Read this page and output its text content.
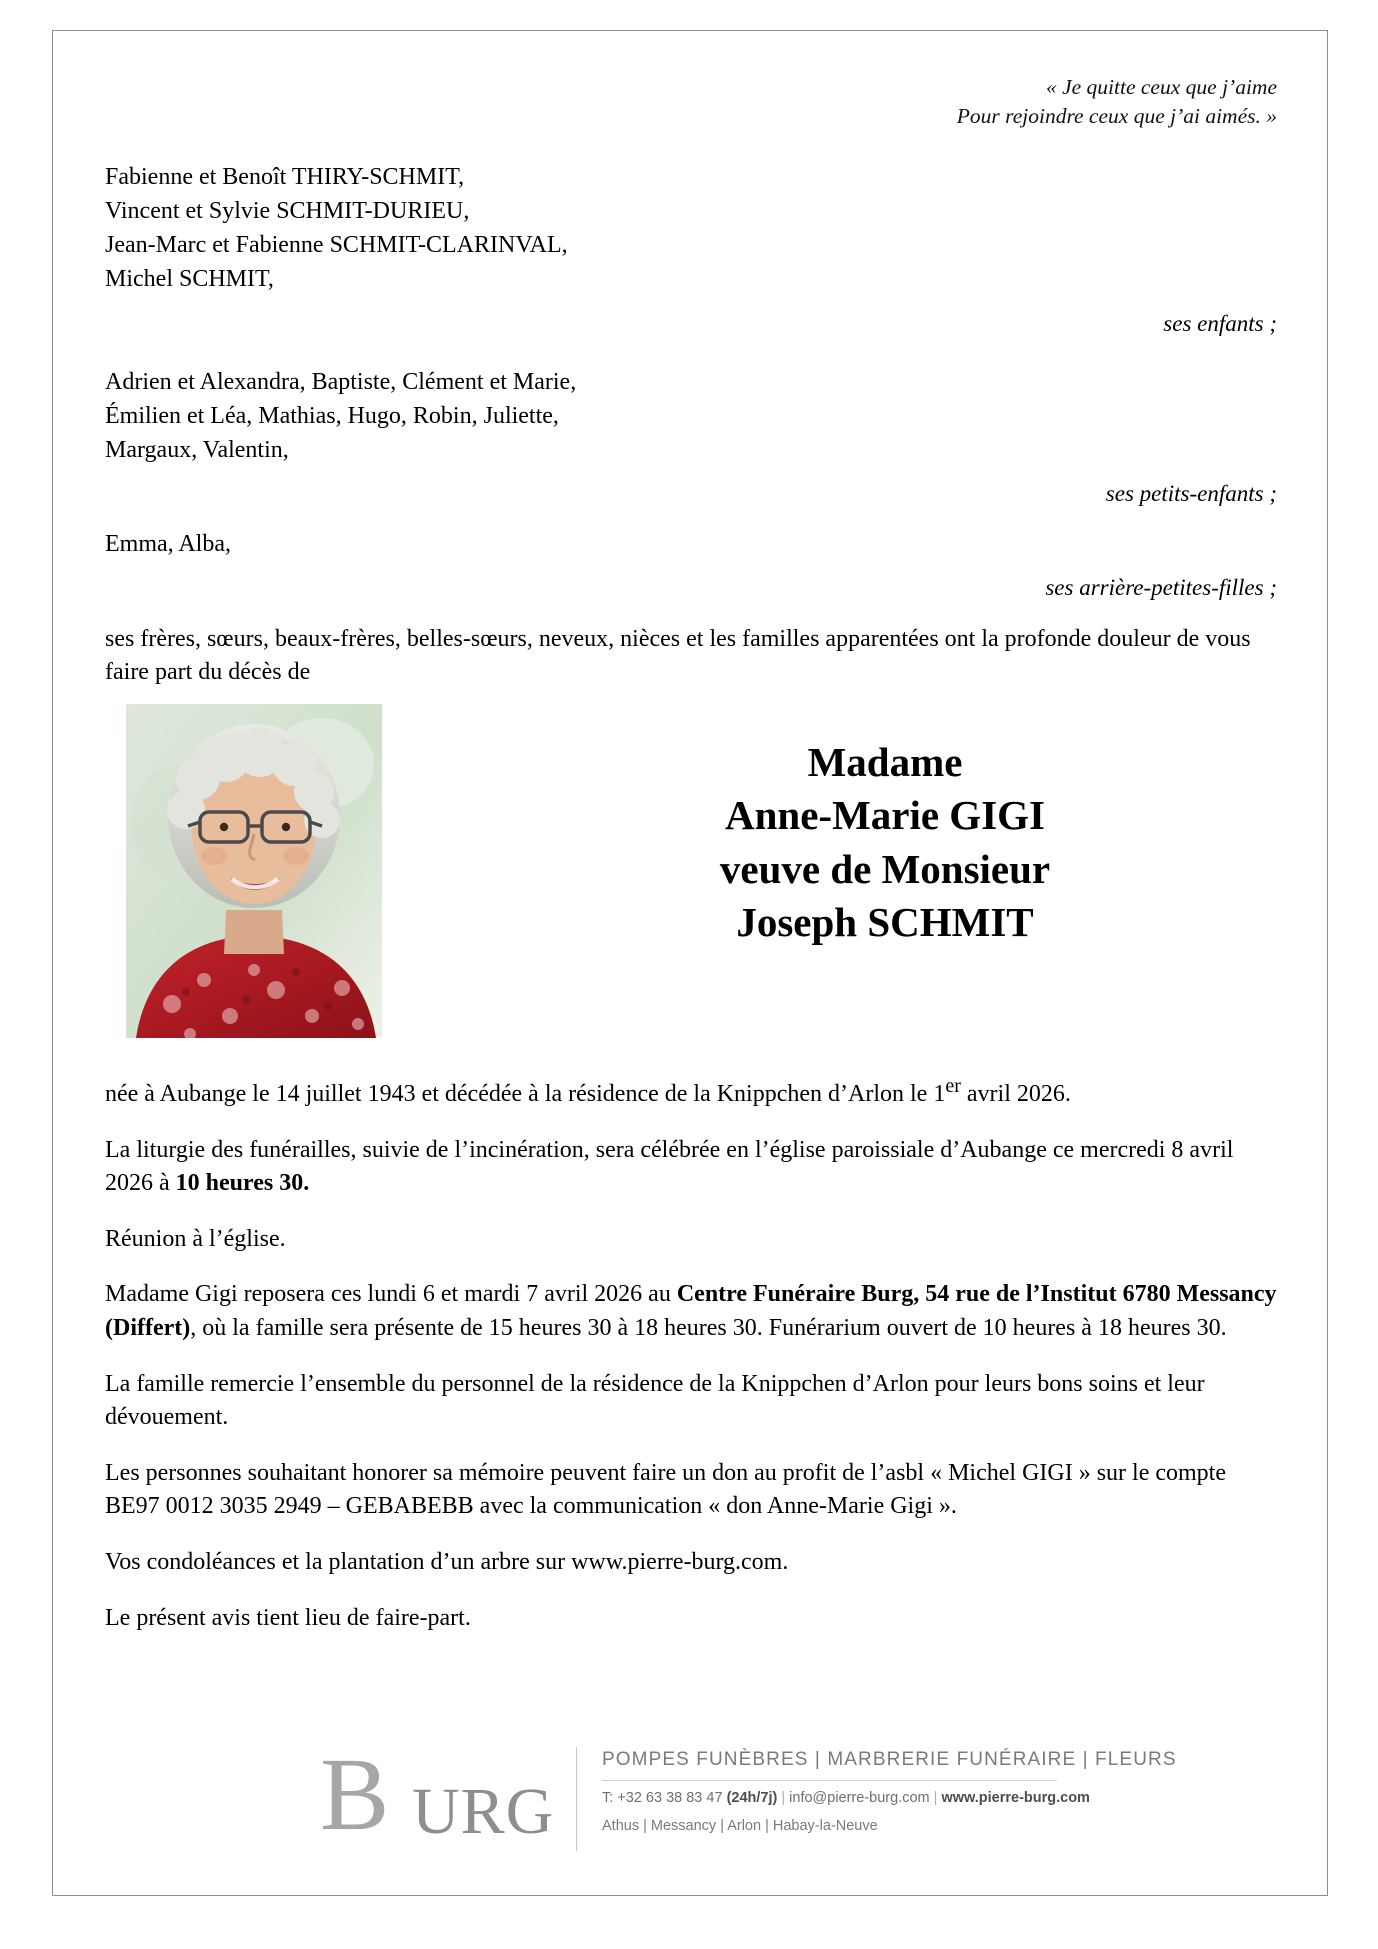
« Je quitte ceux que j’aime
Pour rejoindre ceux que j’ai aimés. »
Fabienne et Benoît THIRY-SCHMIT,
Vincent et Sylvie SCHMIT-DURIEU,
Jean-Marc et Fabienne SCHMIT-CLARINVAL,
Michel SCHMIT,
ses enfants ;
Adrien et Alexandra, Baptiste, Clément et Marie,
Émilien et Léa, Mathias, Hugo, Robin, Juliette,
Margaux, Valentin,
ses petits-enfants ;
Emma, Alba,
ses arrière-petites-filles ;
ses frères, sœurs, beaux-frères, belles-sœurs, neveux, nièces et les familles apparentées ont la profonde douleur de vous faire part du décès de
Madame
Anne-Marie GIGI
veuve de Monsieur
Joseph SCHMIT

née à Aubange le 14 juillet 1943 et décédée à la résidence de la Knippchen d’Arlon le 1er avril 2026.

La liturgie des funérailles, suivie de l’incinération, sera célébrée en l’église paroissiale d’Aubange ce mercredi 8 avril 2026 à 10 heures 30.

Réunion à l’église.

Madame Gigi reposera ces lundi 6 et mardi 7 avril 2026 au Centre Funéraire Burg, 54 rue de l’Institut 6780 Messancy (Differt), où la famille sera présente de 15 heures 30 à 18 heures 30. Funérarium ouvert de 10 heures à 18 heures 30.

La famille remercie l’ensemble du personnel de la résidence de la Knippchen d’Arlon pour leurs bons soins et leur dévouement.

Les personnes souhaitant honorer sa mémoire peuvent faire un don au profit de l’asbl « Michel GIGI » sur le compte BE97 0012 3035 2949 – GEBABEBB avec la communication « don Anne-Marie Gigi ».

Vos condoléances et la plantation d’un arbre sur www.pierre-burg.com.

Le présent avis tient lieu de faire-part.

B URG
POMPES FUNÈBRES | MARBRERIE FUNÉRAIRE | FLEURS
T: +32 63 38 83 47 (24h/7j) | info@pierre-burg.com | www.pierre-burg.com
Athus | Messancy | Arlon | Habay-la-Neuve
